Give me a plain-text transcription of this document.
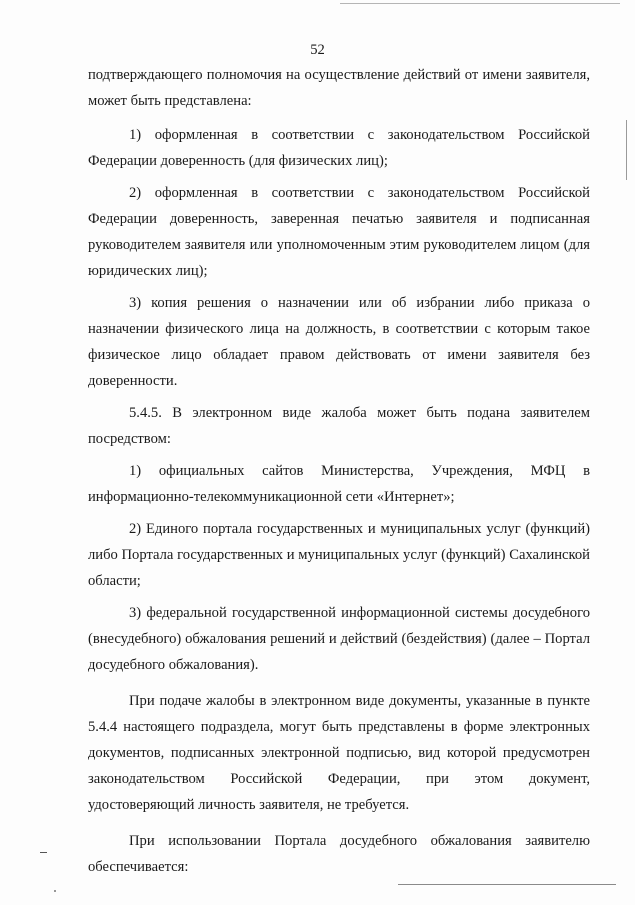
52

подтверждающего полномочия на осуществление действий от имени заявителя, может быть представлена:

1) оформленная в соответствии с законодательством Российской Федерации доверенность (для физических лиц);

2) оформленная в соответствии с законодательством Российской Федерации доверенность, заверенная печатью заявителя и подписанная руководителем заявителя или уполномоченным этим руководителем лицом (для юридических лиц);

3) копия решения о назначении или об избрании либо приказа о назначении физического лица на должность, в соответствии с которым такое физическое лицо обладает правом действовать от имени заявителя без доверенности.

5.4.5. В электронном виде жалоба может быть подана заявителем посредством:

1) официальных сайтов Министерства, Учреждения, МФЦ в информационно-телекоммуникационной сети «Интернет»;

2) Единого портала государственных и муниципальных услуг (функций) либо Портала государственных и муниципальных услуг (функций) Сахалинской области;

3) федеральной государственной информационной системы досудебного (внесудебного) обжалования решений и действий (бездействия) (далее – Портал досудебного обжалования).

При подаче жалобы в электронном виде документы, указанные в пункте 5.4.4 настоящего подраздела, могут быть представлены в форме электронных документов, подписанных электронной подписью, вид которой предусмотрен законодательством Российской Федерации, при этом документ, удостоверяющий личность заявителя, не требуется.

При использовании Портала досудебного обжалования заявителю обеспечивается:
